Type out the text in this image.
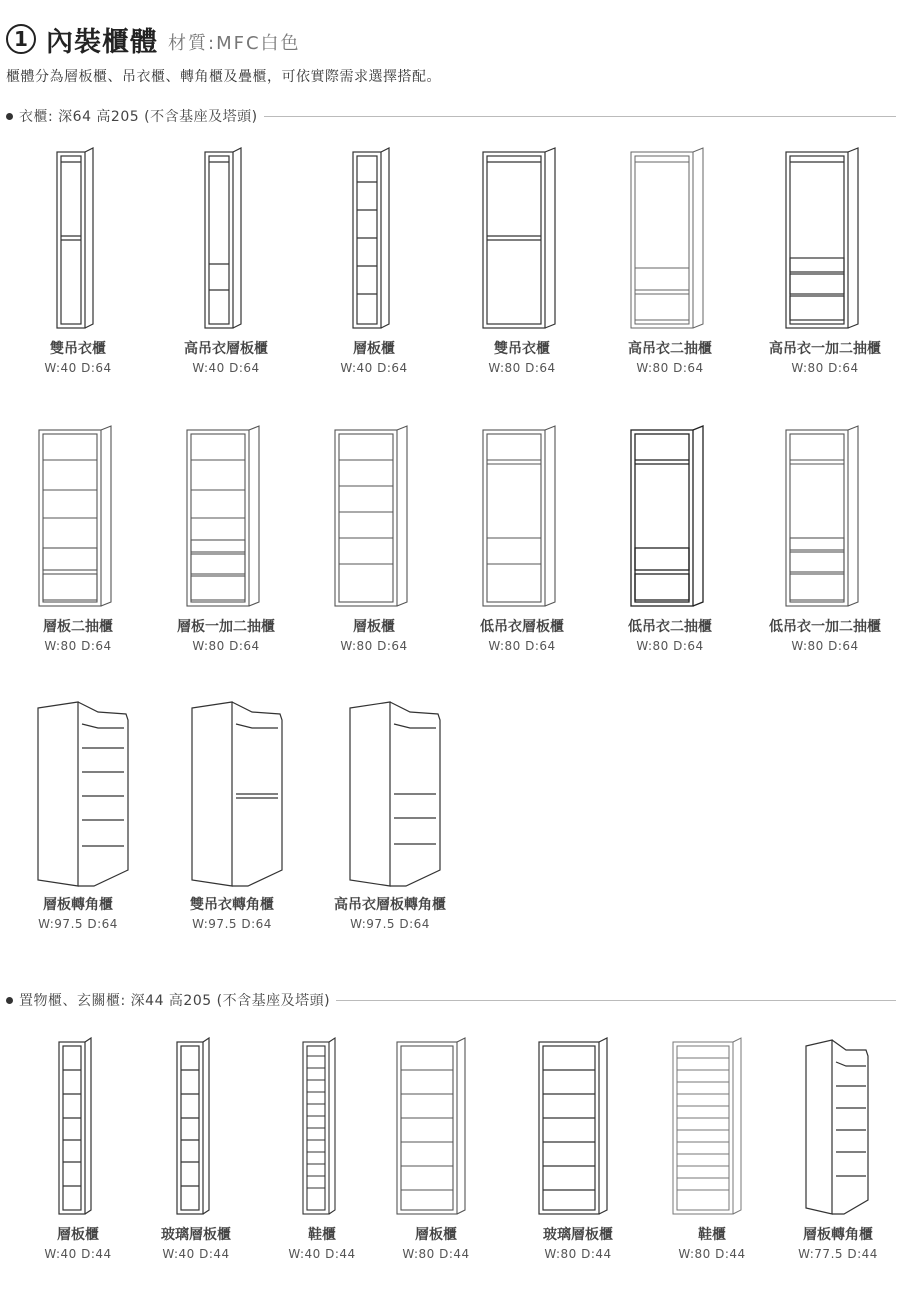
1 內裝櫃體 材質:MFC白色
櫃體分為層板櫃、吊衣櫃、轉角櫃及疊櫃，可依實際需求選擇搭配。
衣櫃: 深64 高205 (不含基座及塔頭)
置物櫃、玄關櫃: 深44 高205 (不含基座及塔頭)
雙吊衣櫃
W:40 D:64
高吊衣層板櫃
W:40 D:64
層板櫃
W:40 D:64
雙吊衣櫃
W:80 D:64
高吊衣二抽櫃
W:80 D:64
高吊衣一加二抽櫃
W:80 D:64
層板二抽櫃
W:80 D:64
層板一加二抽櫃
W:80 D:64
層板櫃
W:80 D:64
低吊衣層板櫃
W:80 D:64
低吊衣二抽櫃
W:80 D:64
低吊衣一加二抽櫃
W:80 D:64
層板轉角櫃
W:97.5 D:64
雙吊衣轉角櫃
W:97.5 D:64
高吊衣層板轉角櫃
W:97.5 D:64
層板櫃
W:40 D:44
玻璃層板櫃
W:40 D:44
鞋櫃
W:40 D:44
層板櫃
W:80 D:44
玻璃層板櫃
W:80 D:44
鞋櫃
W:80 D:44
層板轉角櫃
W:77.5 D:44
